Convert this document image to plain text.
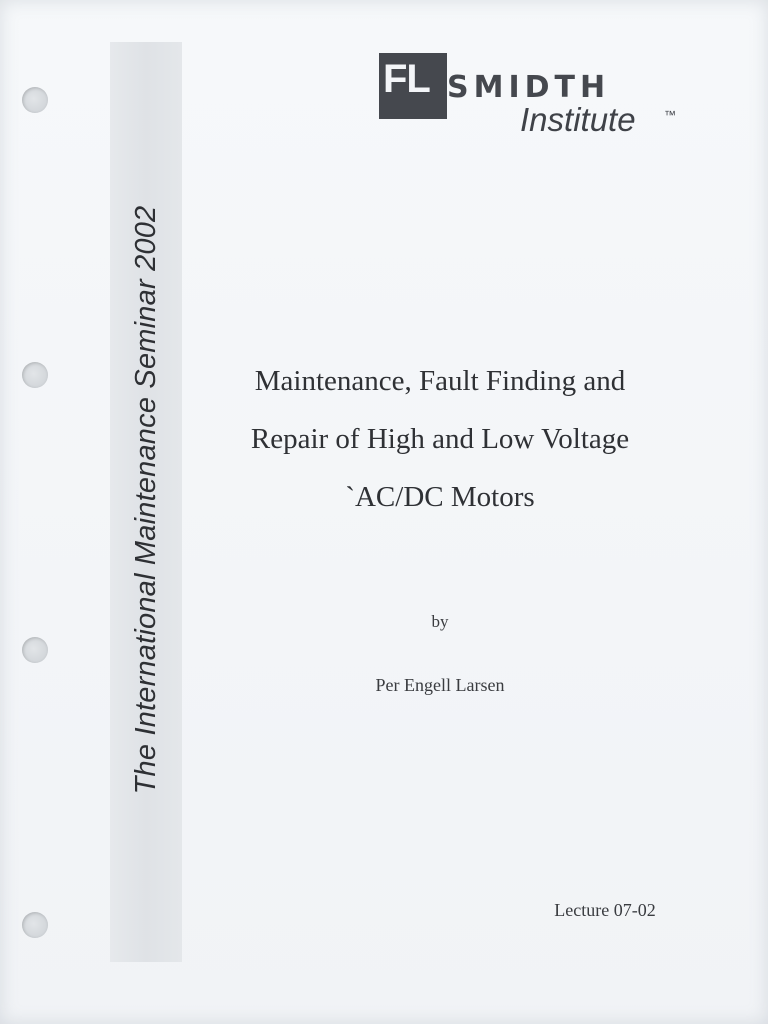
The International Maintenance Seminar 2002
FL SMIDTH
Institute ™
Maintenance, Fault Finding and
Repair of High and Low Voltage
`AC/DC Motors
by
Per Engell Larsen
Lecture 07-02
